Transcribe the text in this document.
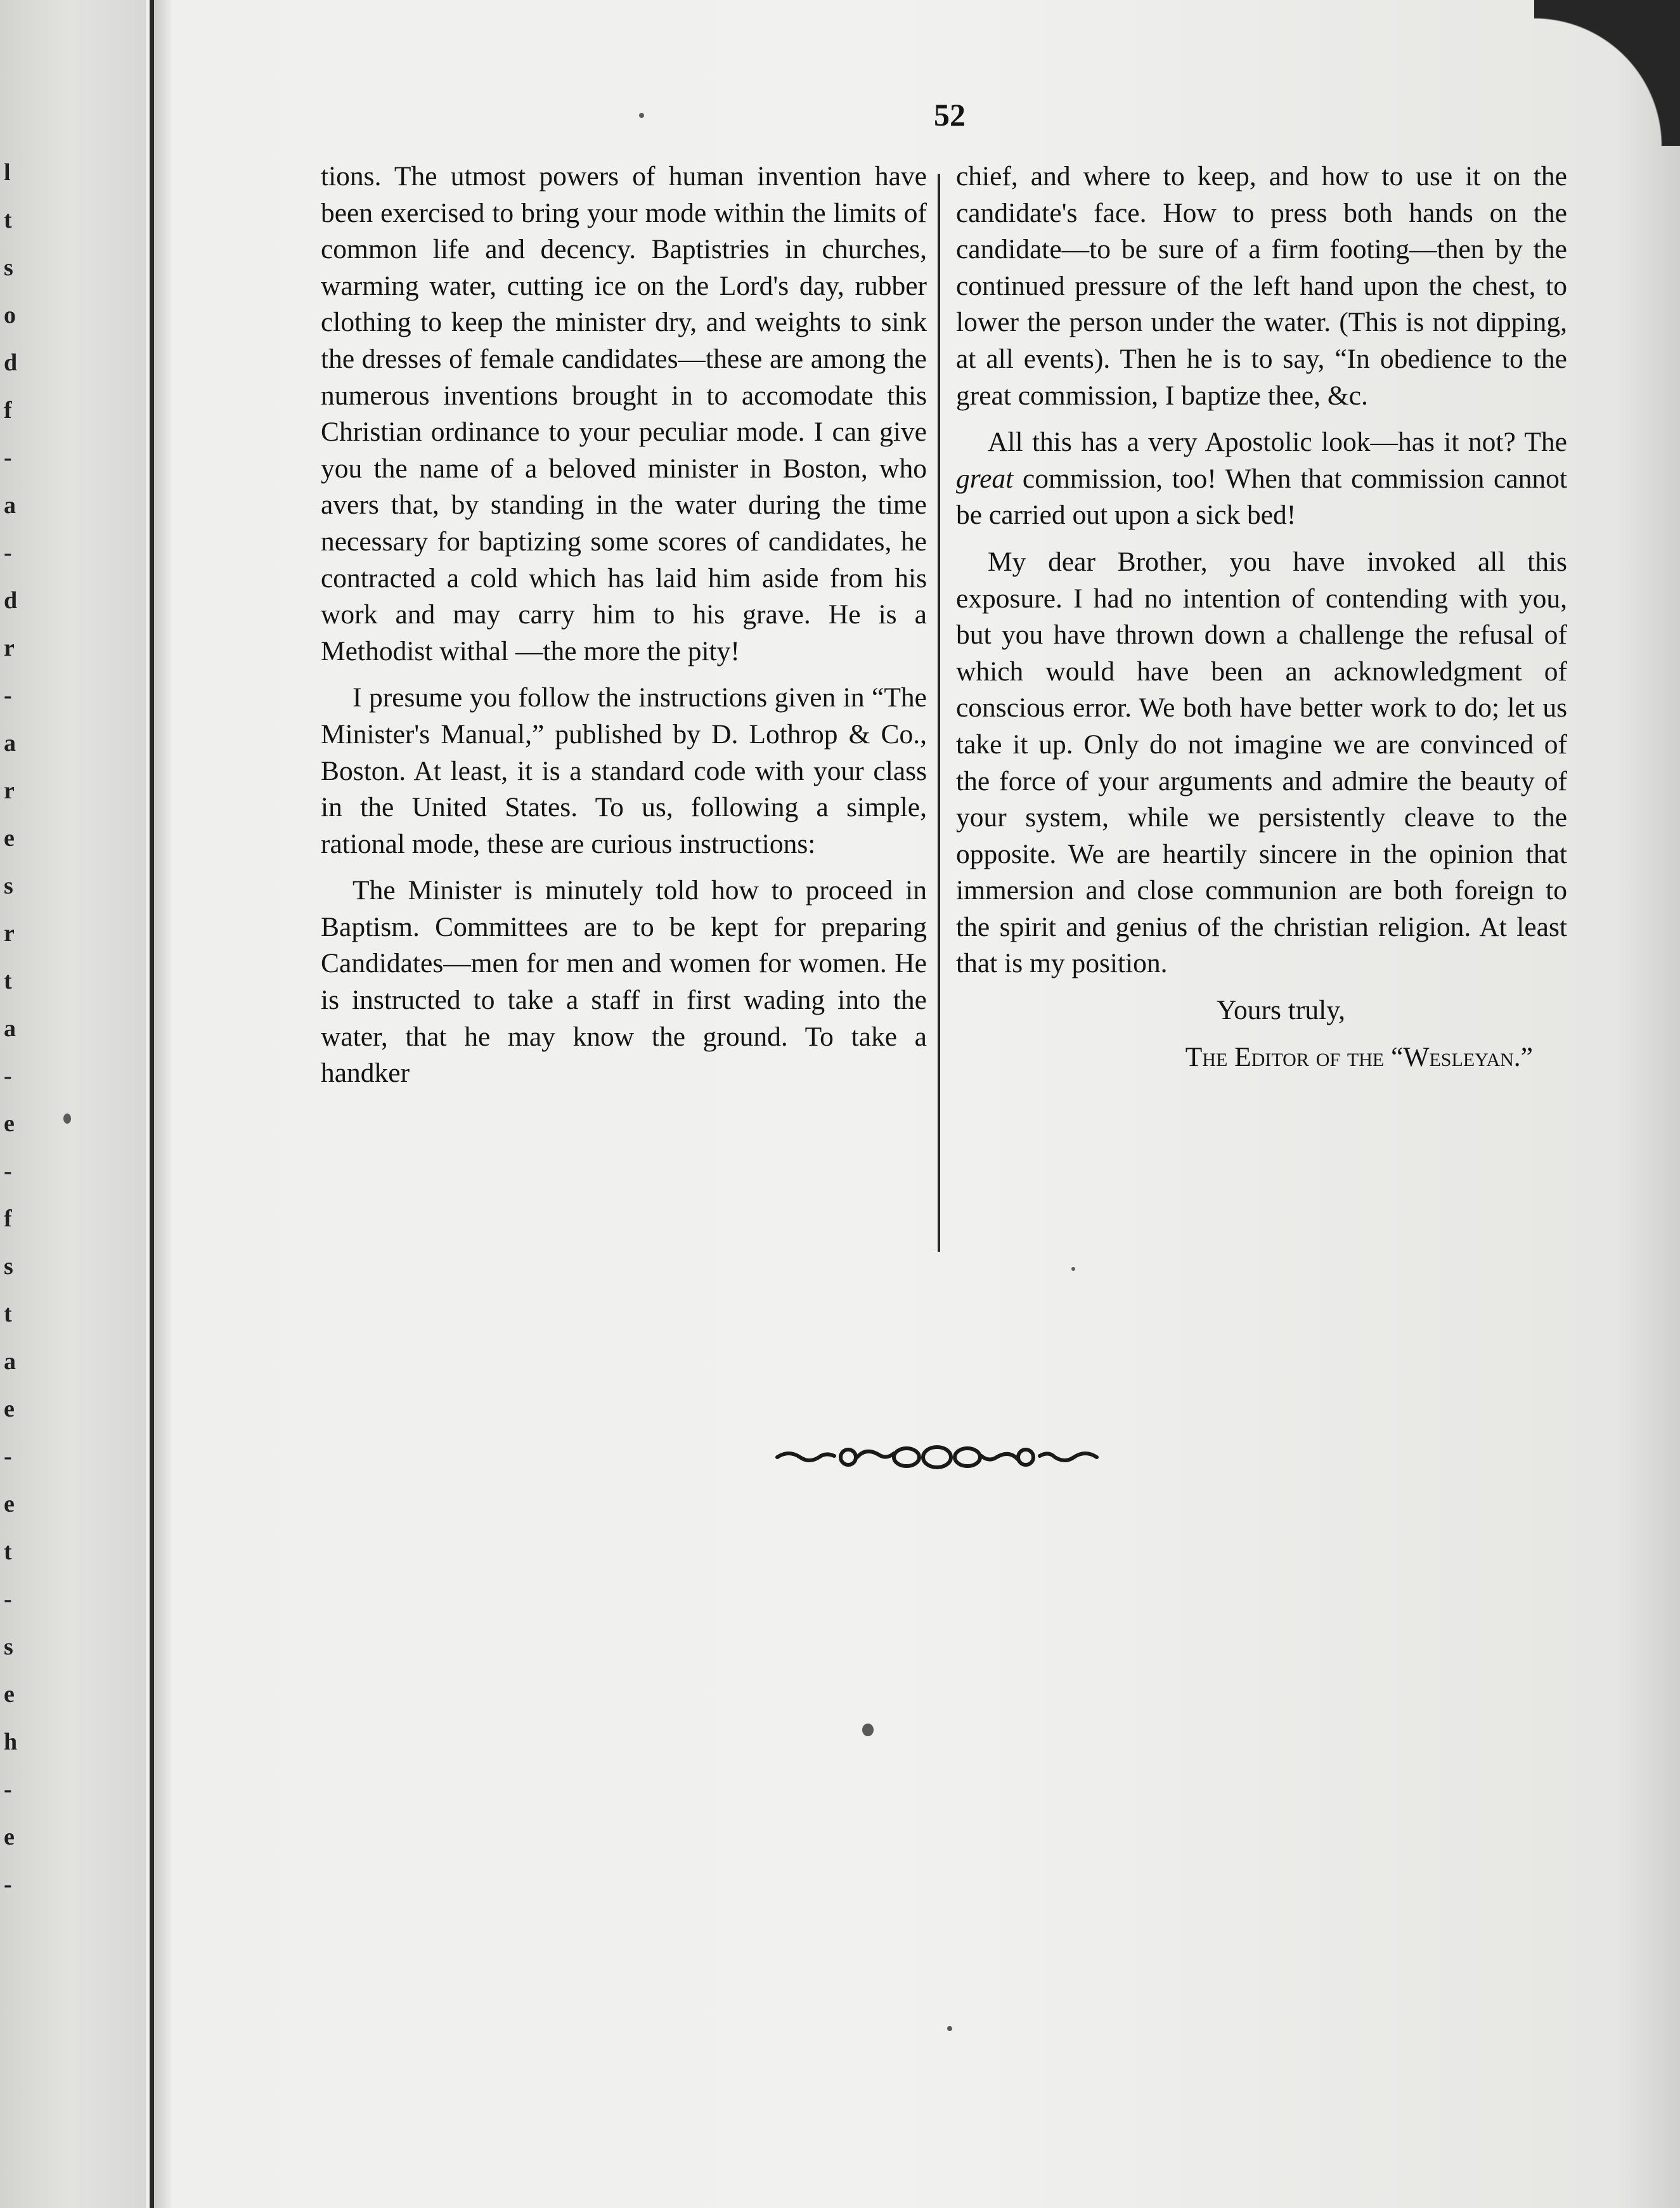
l
t
s
o
d
f
-
a
-
d
r
-
a
r
e
s
r
t
a
-
e
-
f
s
t
a
e
-
e
t
-
s
e
h
-
e
-
52

tions. The utmost powers of human invention have been exercised to bring your mode within the limits of common life and decency. Baptistries in churches, warming water, cutting ice on the Lord's day, rubber clothing to keep the minister dry, and weights to sink the dresses of female candidates—these are among the numerous inventions brought in to accomodate this Christian ordinance to your peculiar mode. I can give you the name of a beloved minister in Boston, who avers that, by standing in the water during the time necessary for baptizing some scores of candidates, he contracted a cold which has laid him aside from his work and may carry him to his grave. He is a Methodist withal —the more the pity!

I presume you follow the instructions given in “The Minister's Manual,” published by D. Lothrop & Co., Boston. At least, it is a standard code with your class in the United States. To us, following a simple, rational mode, these are curious instructions:

The Minister is minutely told how to proceed in Baptism. Committees are to be kept for preparing Candidates—men for men and women for women. He is instructed to take a staff in first wading into the water, that he may know the ground. To take a handker

chief, and where to keep, and how to use it on the candidate's face. How to press both hands on the candidate—to be sure of a firm footing—then by the continued pressure of the left hand upon the chest, to lower the person under the water. (This is not dipping, at all events). Then he is to say, “In obedience to the great commission, I baptize thee, &c.

All this has a very Apostolic look—has it not? The great commission, too! When that commission cannot be carried out upon a sick bed!

My dear Brother, you have invoked all this exposure. I had no intention of contending with you, but you have thrown down a challenge the refusal of which would have been an acknowledgment of conscious error. We both have better work to do; let us take it up. Only do not imagine we are convinced of the force of your arguments and admire the beauty of your system, while we persistently cleave to the opposite. We are heartily sincere in the opinion that immersion and close communion are both foreign to the spirit and genius of the christian religion. At least that is my position.

Yours truly,

The Editor of the “Wesleyan.”
